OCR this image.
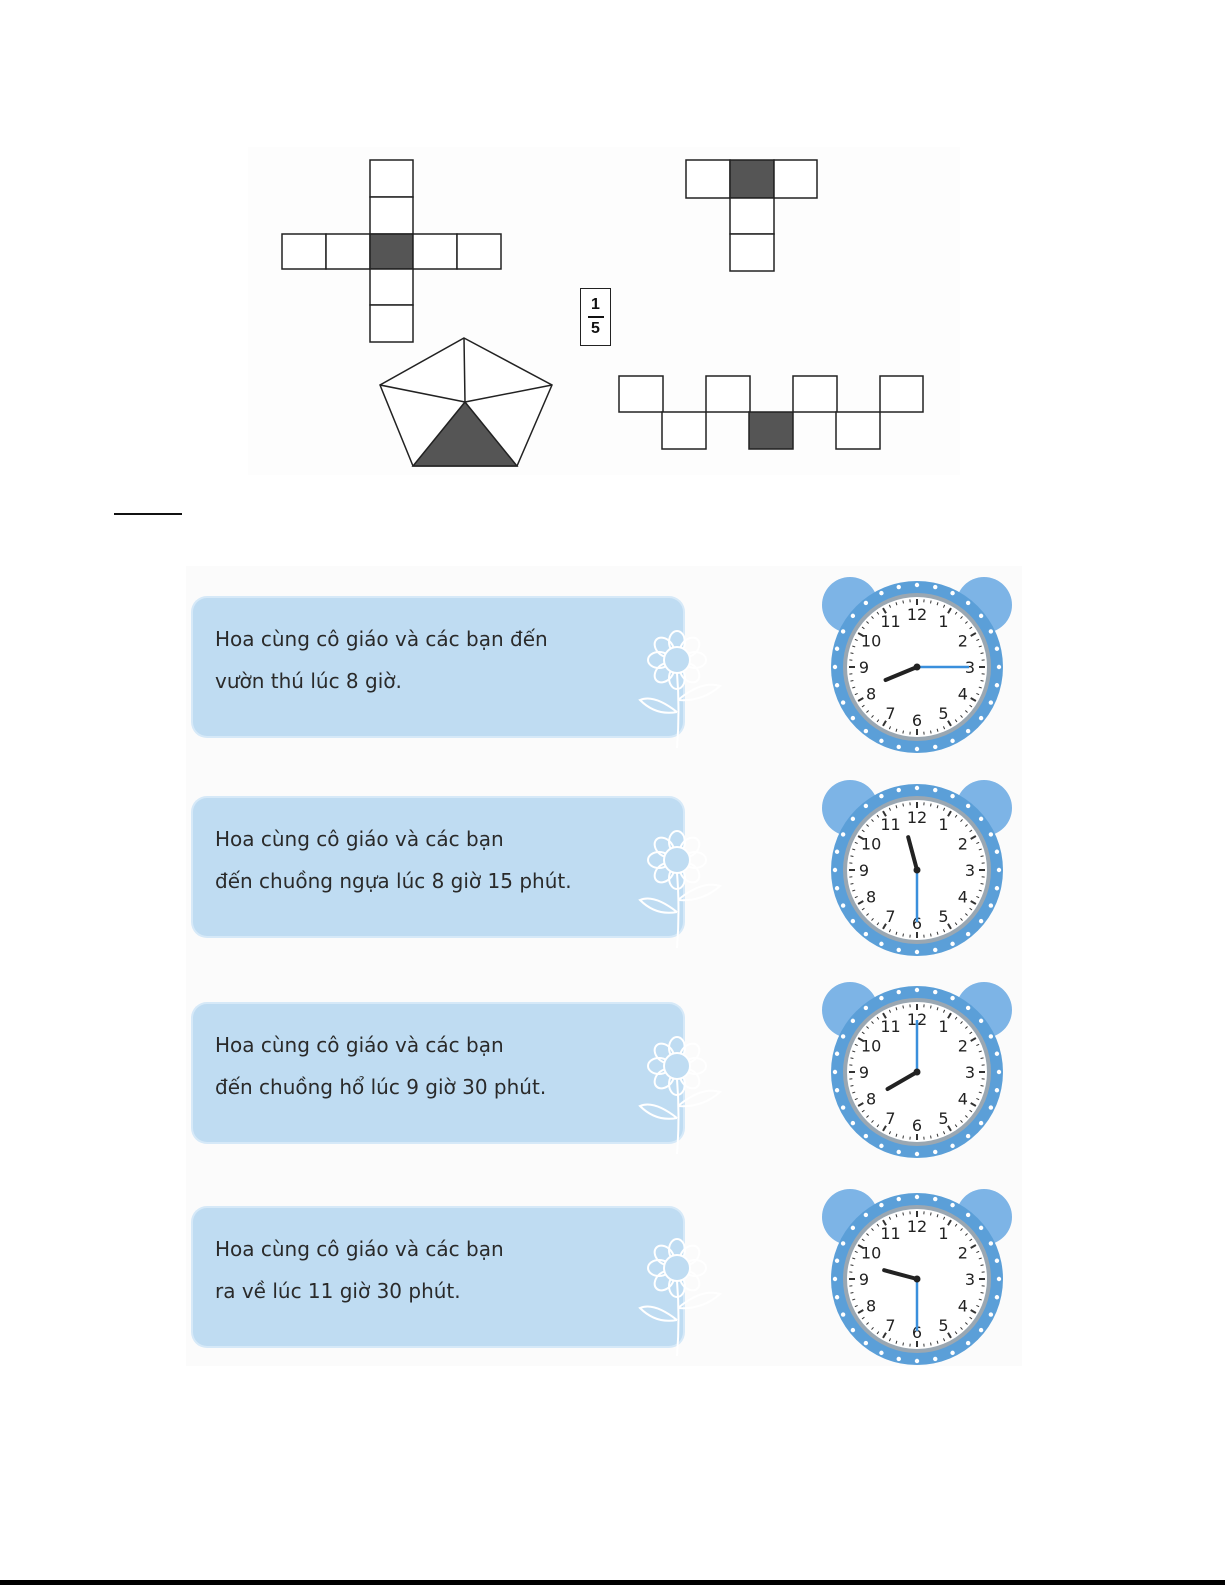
1
5
Hoa cùng cô giáo và các bạn đến
vườn thú lúc 8 giờ.
Hoa cùng cô giáo và các bạn
đến chuồng ngựa lúc 8 giờ 15 phút.
Hoa cùng cô giáo và các bạn
đến chuồng hổ lúc 9 giờ 30 phút.
Hoa cùng cô giáo và các bạn
ra về lúc 11 giờ 30 phút.
12 1
2
3
4
5
6
7
8
9
10
11
12 1
2
3
4
5
6
7
8
9
10
11
12 1
2
3
4
5
6
7
8
9
10
11
12 1
2
3
4
5
6
7
8
9
10
11
